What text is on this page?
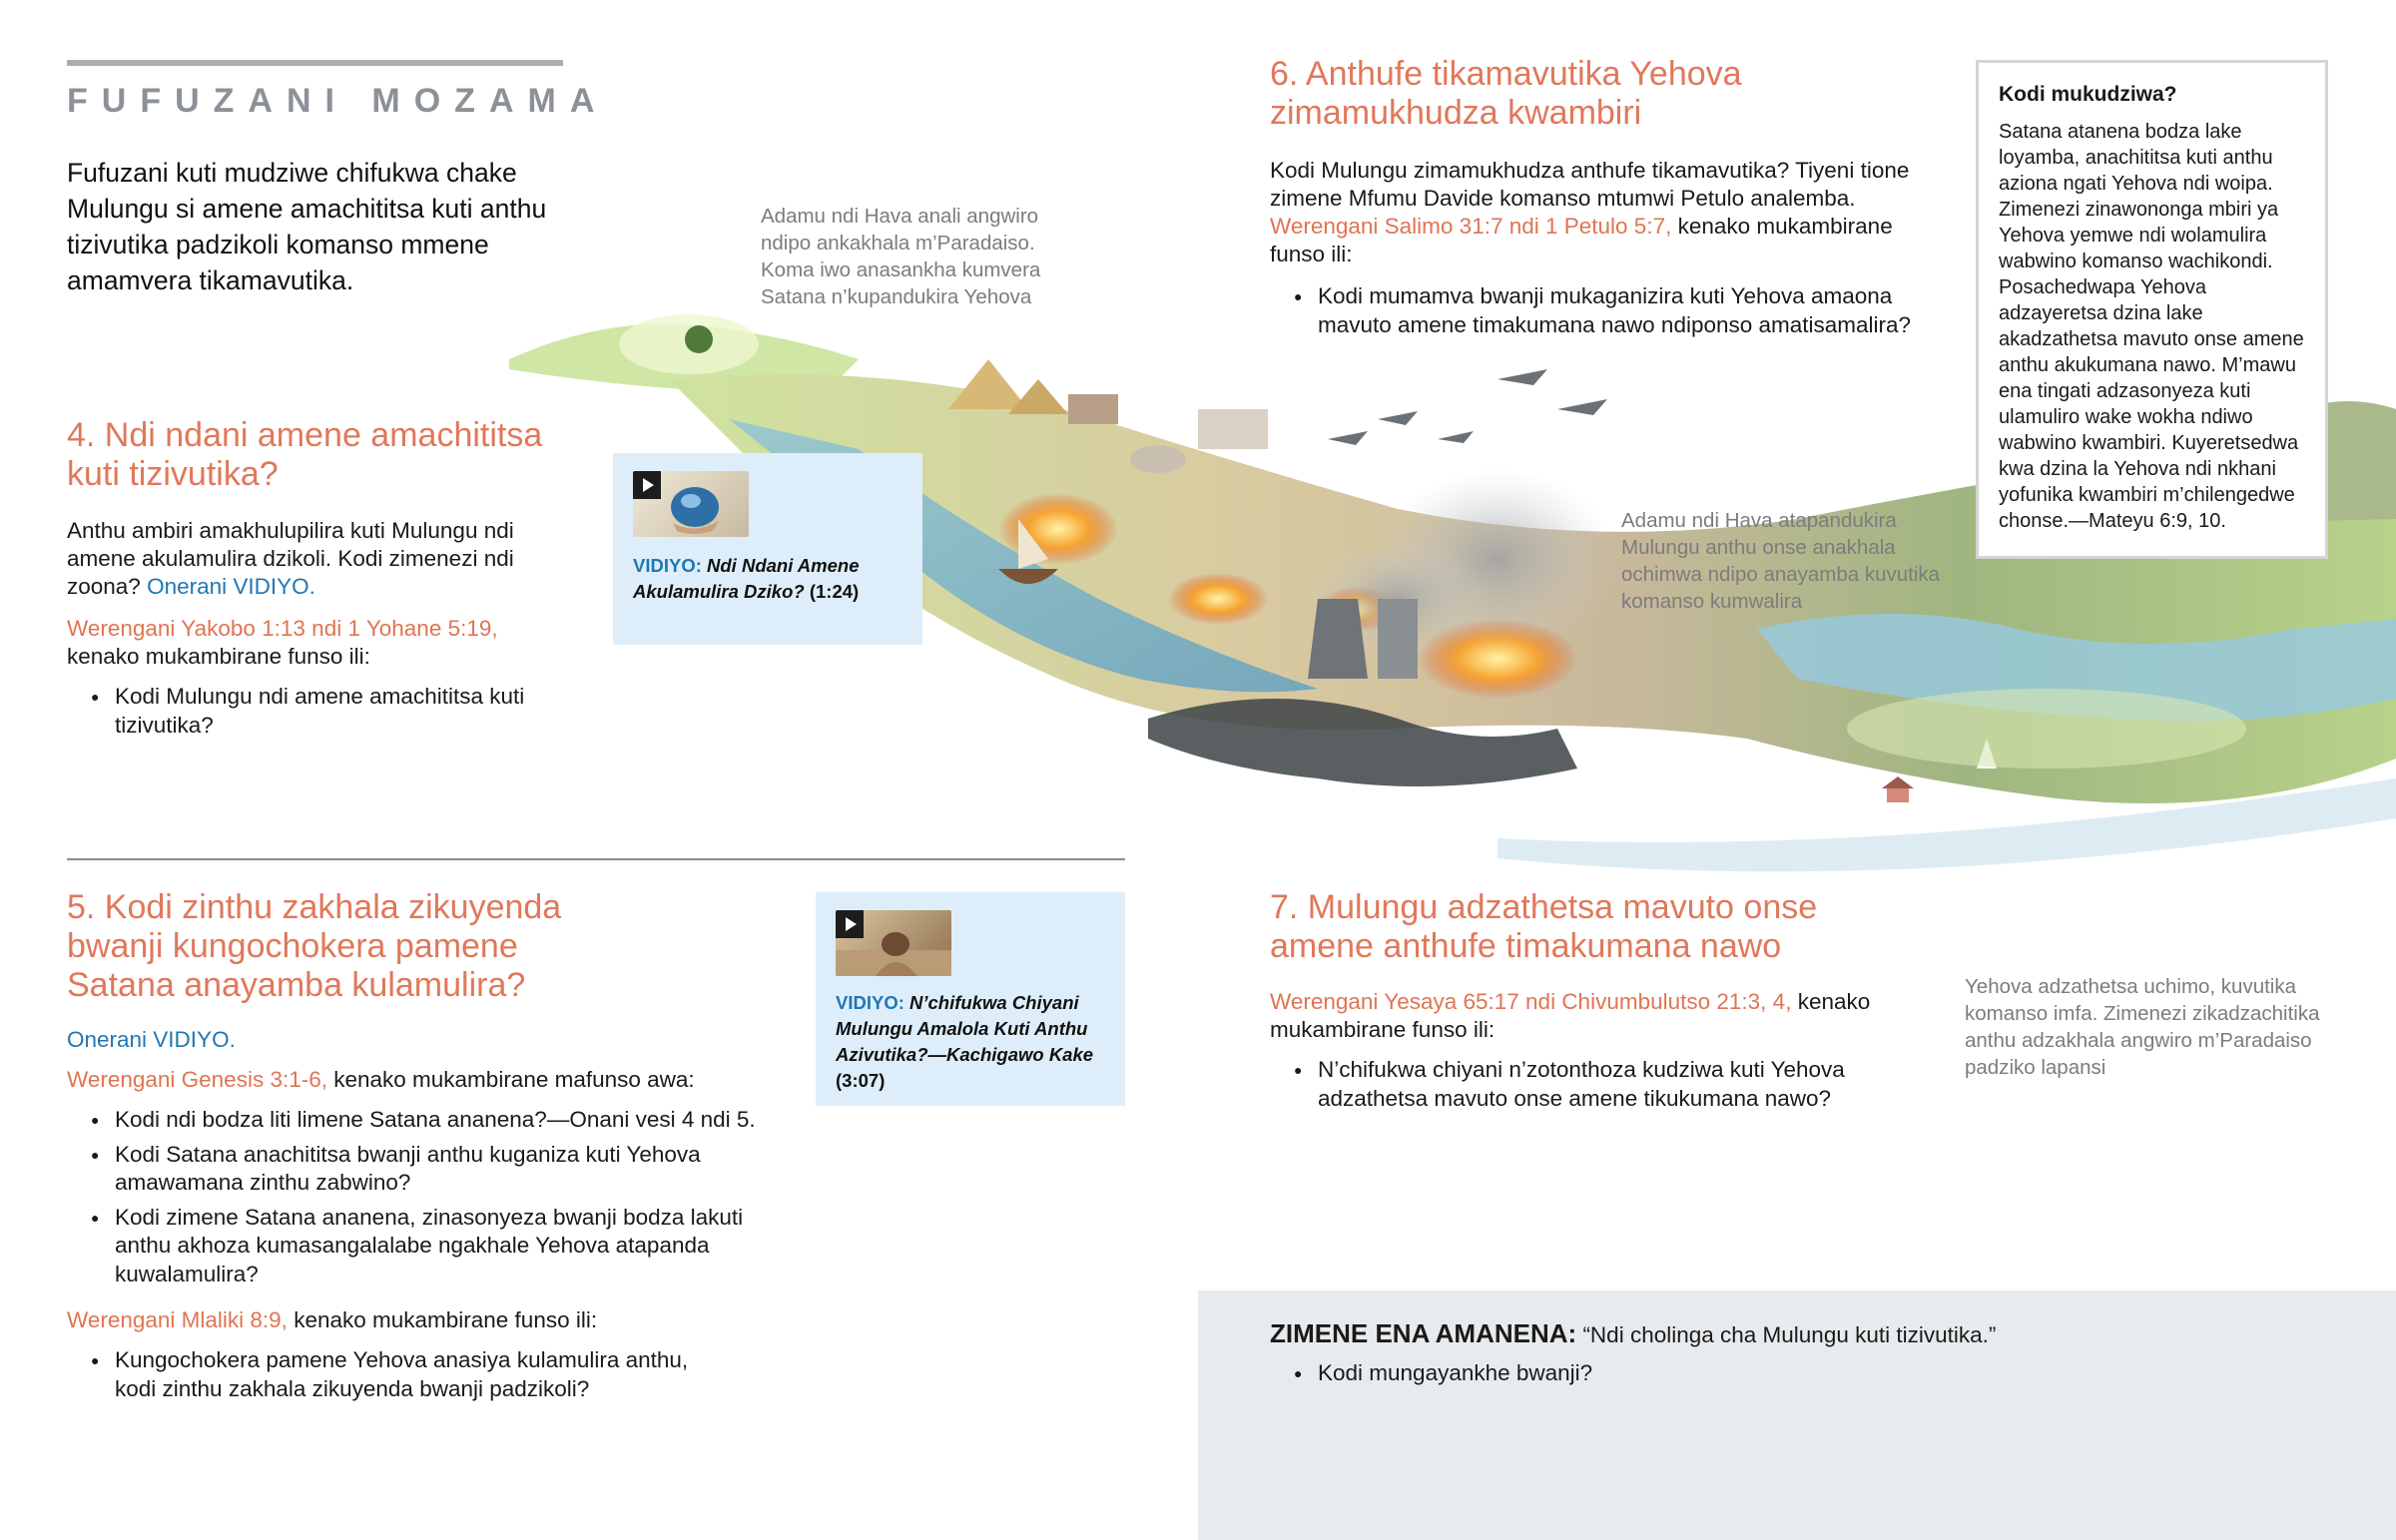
FUFUZANI MOZAMA

Fufuzani kuti mudziwe chifukwa chake Mulungu si amene amachititsa kuti anthu tizivutika padzikoli komanso mmene amamvera tikamavutika.

Adamu ndi Hava anali angwiro ndipo ankakhala m’Paradaiso. Koma iwo anasankha kumvera Satana n’kupandukira Yehova

4. Ndi ndani amene amachititsa kuti tizivutika?

Anthu ambiri amakhulupilira kuti Mulungu ndi amene akulamulira dzikoli. Kodi zimenezi ndi zoona? Onerani VIDIYO.

Werengani Yakobo 1:13 ndi 1 Yohane 5:19, kenako mukambirane funso ili:

● Kodi Mulungu ndi amene amachititsa kuti tizivutika?

VIDIYO: Ndi Ndani Amene Akulamulira Dziko? (1:24)

5. Kodi zinthu zakhala zikuyenda bwanji kungochokera pamene Satana anayamba kulamulira?

Onerani VIDIYO.

Werengani Genesis 3:1-6, kenako mukambirane mafunso awa:

● Kodi ndi bodza liti limene Satana ananena?—Onani vesi 4 ndi 5.
● Kodi Satana anachititsa bwanji anthu kuganiza kuti Yehova amawamana zinthu zabwino?
● Kodi zimene Satana ananena, zinasonyeza bwanji bodza lakuti anthu akhoza kumasangalalabe ngakhale Yehova atapanda kuwalamulira?

Werengani Mlaliki 8:9, kenako mukambirane funso ili:

● Kungochokera pamene Yehova anasiya kulamulira anthu, kodi zinthu zakhala zikuyenda bwanji padzikoli?

VIDIYO: N’chifukwa Chiyani Mulungu Amalola Kuti Anthu Azivutika?—Kachigawo Kake (3:07)

6. Anthufe tikamavutika Yehova zimamukhudza kwambiri

Kodi Mulungu zimamukhudza anthufe tikamavutika? Tiyeni tione zimene Mfumu Davide komanso mtumwi Petulo analemba. Werengani Salimo 31:7 ndi 1 Petulo 5:7, kenako mukambirane funso ili:

● Kodi mumamva bwanji mukaganizira kuti Yehova amaona mavuto amene timakumana nawo ndiponso amatisamalira?
Kodi mukudziwa?

Satana atanena bodza lake loyamba, anachititsa kuti anthu aziona ngati Yehova ndi woipa. Zimenezi zinawononga mbiri ya Yehova yemwe ndi wolamulira wabwino komanso wachikondi. Posachedwapa Yehova adzayeretsa dzina lake akadzathetsa mavuto onse amene anthu akukumana nawo. M’mawu ena tingati adzasonyeza kuti ulamuliro wake wokha ndiwo wabwino kwambiri. Kuyeretsedwa kwa dzina la Yehova ndi nkhani yofunika kwambiri m’chilengedwe chonse.—Mateyu 6:9, 10.

Adamu ndi Hava atapandukira Mulungu anthu onse anakhala ochimwa ndipo anayamba kuvutika komanso kumwalira

7. Mulungu adzathetsa mavuto onse amene anthufe timakumana nawo

Werengani Yesaya 65:17 ndi Chivumbulutso 21:3, 4, kenako mukambirane funso ili:

● N’chifukwa chiyani n’zotonthoza kudziwa kuti Yehova adzathetsa mavuto onse amene tikukumana nawo?

Yehova adzathetsa uchimo, kuvutika komanso imfa. Zimenezi zikadzachitika anthu adzakhala angwiro m’Paradaiso padziko lapansi

ZIMENE ENA AMANENA: “Ndi cholinga cha Mulungu kuti tizivutika.”

● Kodi mungayankhe bwanji?
